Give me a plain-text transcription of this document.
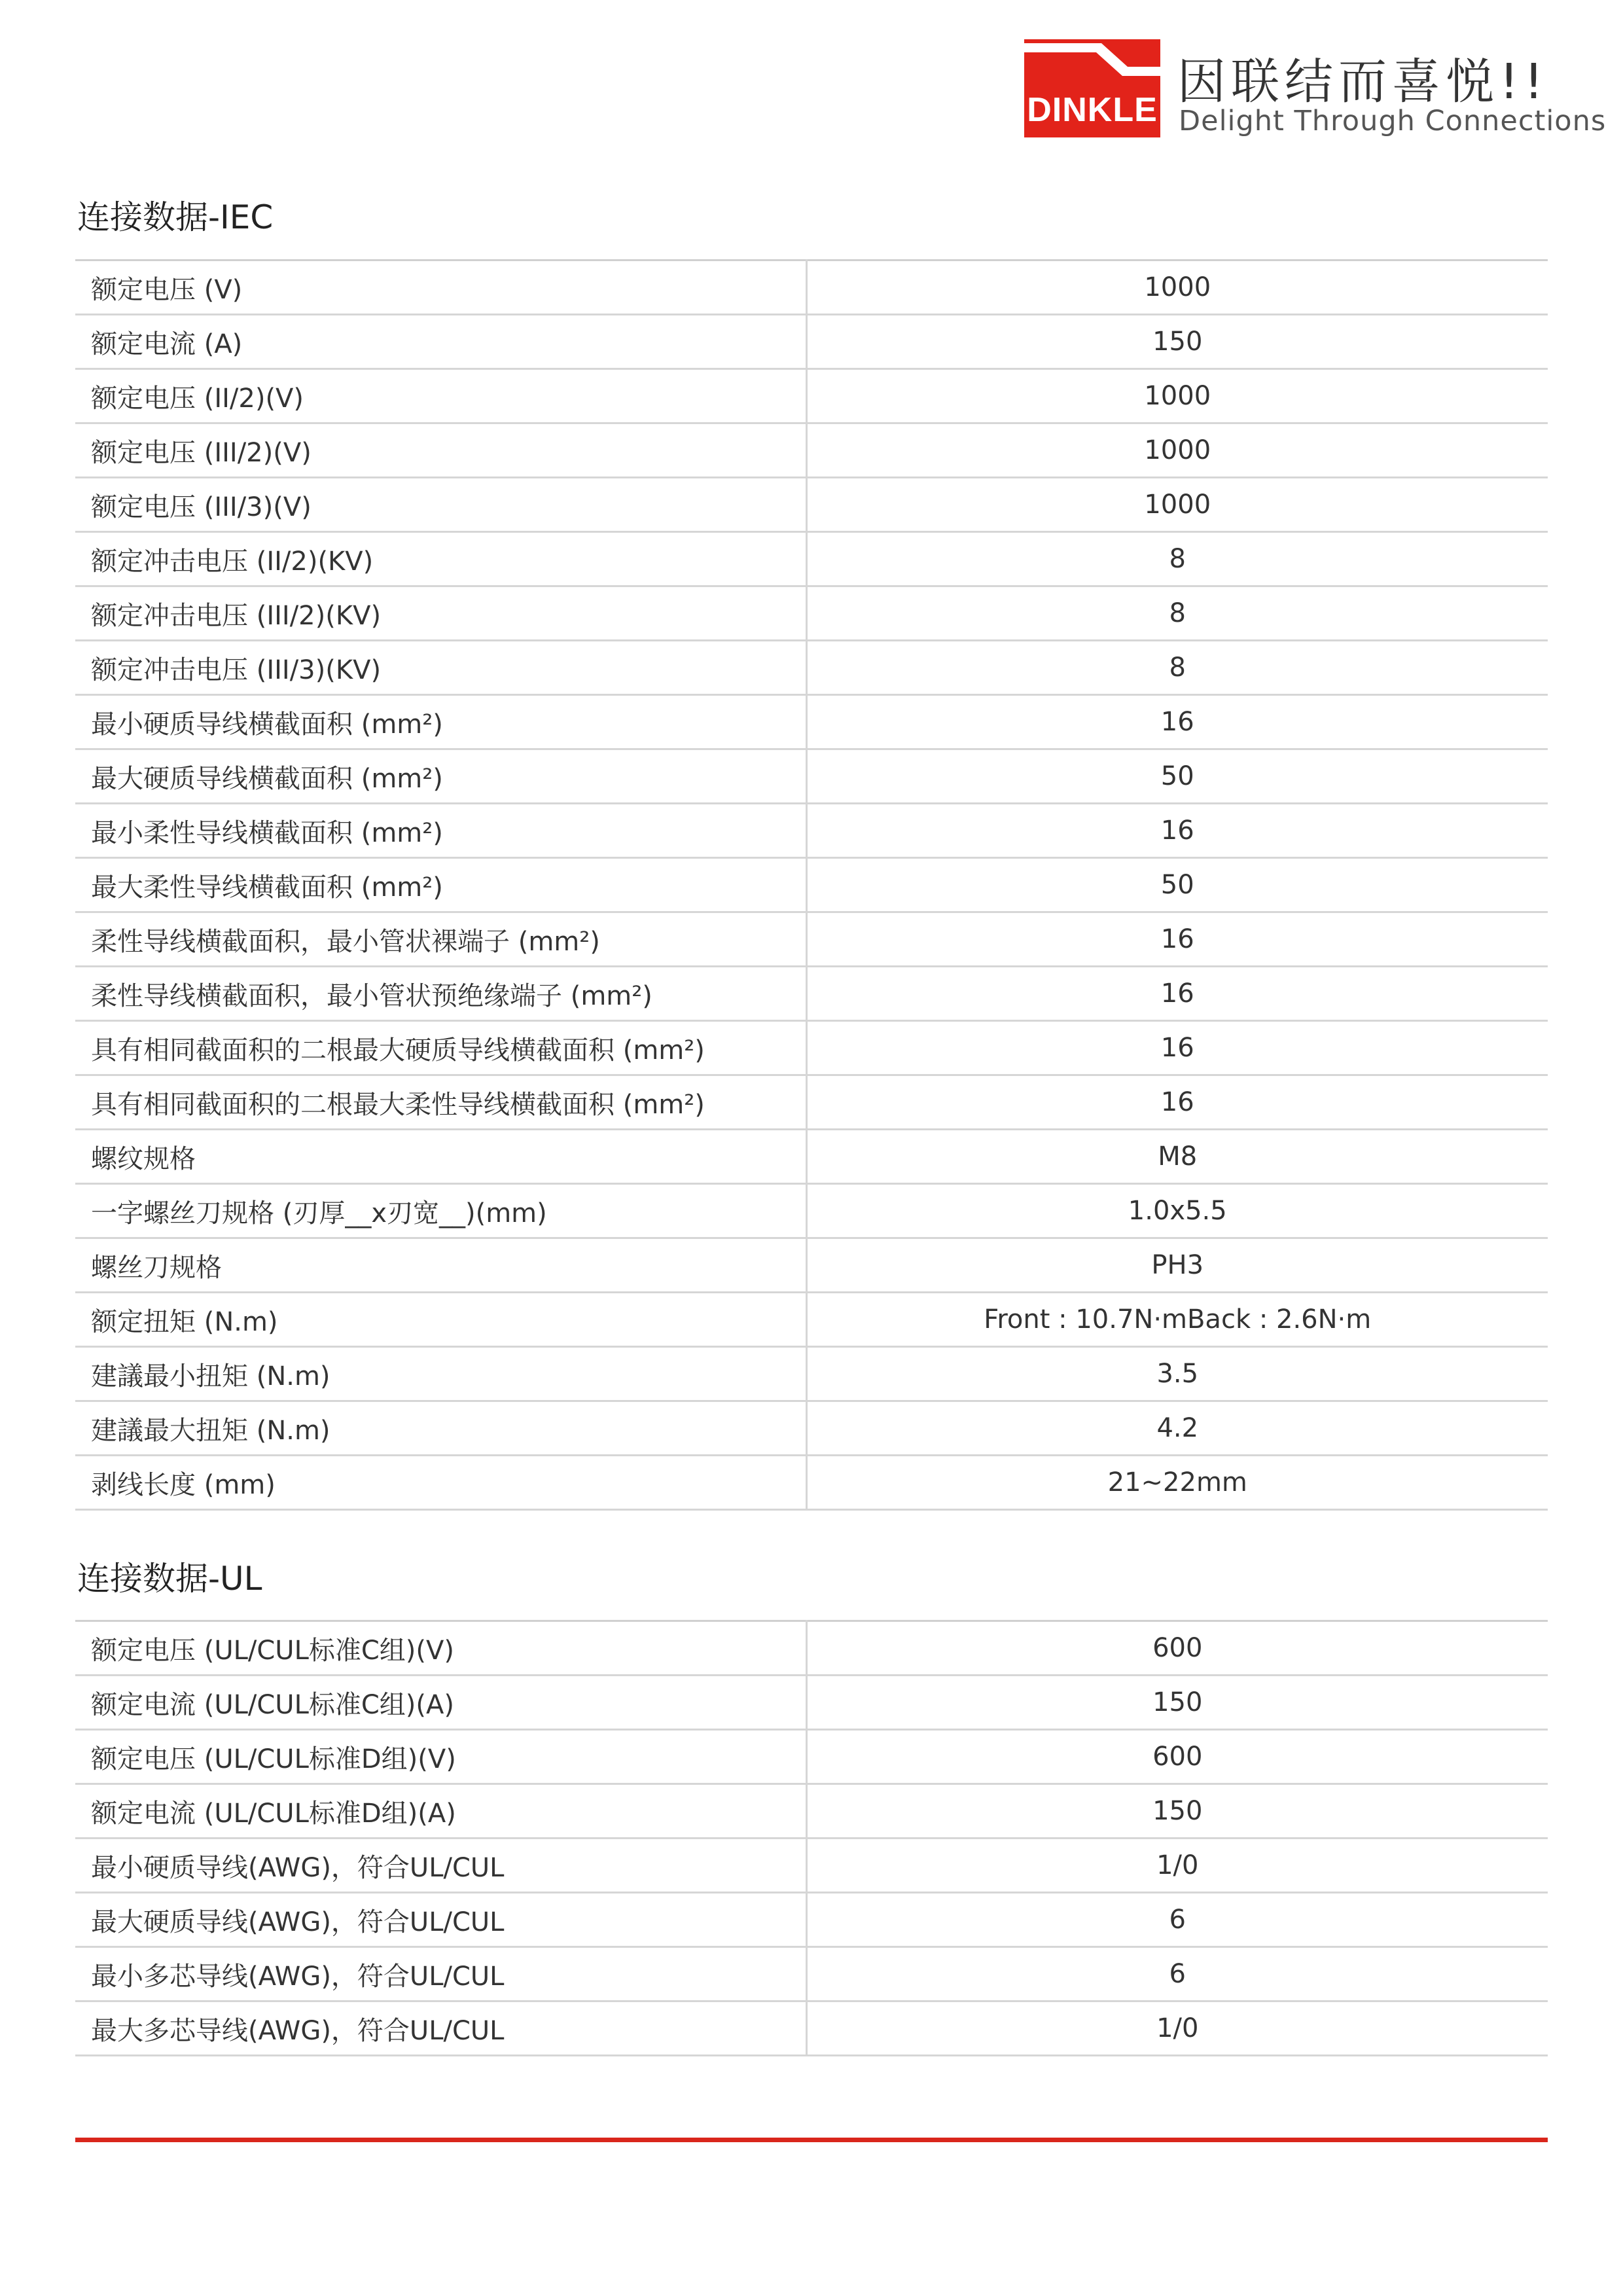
DINKLE 因联结而喜悦!!
Delight Through Connections
连接数据-IEC
额定电压 (V)	1000
额定电流 (A)	150
额定电压 (II/2)(V)	1000
额定电压 (III/2)(V)	1000
额定电压 (III/3)(V)	1000
额定冲击电压 (II/2)(KV)	8
额定冲击电压 (III/2)(KV)	8
额定冲击电压 (III/3)(KV)	8
最小硬质导线横截面积 (mm²)	16
最大硬质导线横截面积 (mm²)	50
最小柔性导线横截面积 (mm²)	16
最大柔性导线横截面积 (mm²)	50
柔性导线横截面积，最小管状裸端子 (mm²)	16
柔性导线横截面积，最小管状预绝缘端子 (mm²)	16
具有相同截面积的二根最大硬质导线横截面积 (mm²)	16
具有相同截面积的二根最大柔性导线横截面积 (mm²)	16
螺纹规格	M8
一字螺丝刀规格 (刃厚__x刃宽__)(mm)	1.0x5.5
螺丝刀规格	PH3
额定扭矩 (N.m)	Front : 10.7N·mBack : 2.6N·m
建議最小扭矩 (N.m)	3.5
建議最大扭矩 (N.m)	4.2
剥线长度 (mm)	21~22mm
连接数据-UL
额定电压 (UL/CUL标准C组)(V)	600
额定电流 (UL/CUL标准C组)(A)	150
额定电压 (UL/CUL标准D组)(V)	600
额定电流 (UL/CUL标准D组)(A)	150
最小硬质导线(AWG)，符合UL/CUL	1/0
最大硬质导线(AWG)，符合UL/CUL	6
最小多芯导线(AWG)，符合UL/CUL	6
最大多芯导线(AWG)，符合UL/CUL	1/0
